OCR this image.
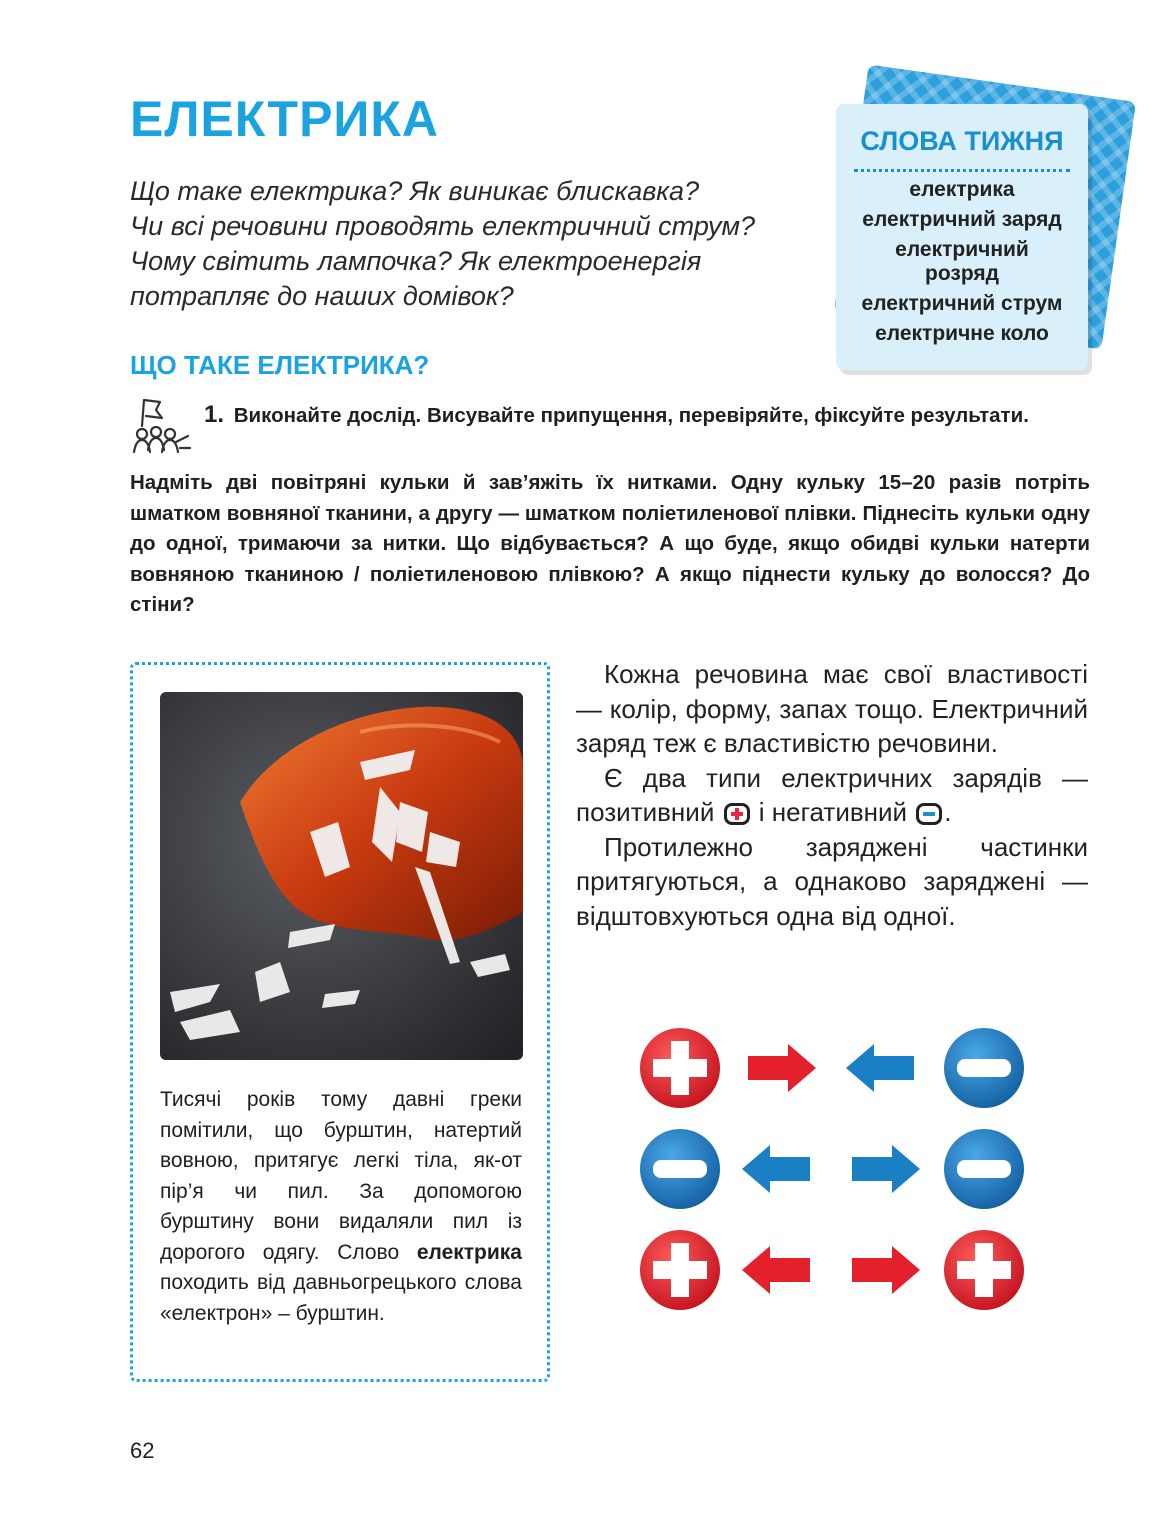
ЕЛЕКТРИКА
Що таке електрика? Як виникає блискавка?
Чи всі речовини проводять електричний струм?
Чому світить лампочка? Як електроенергія
потрапляє до наших домівок?
СЛОВА ТИЖНЯ
електрика
електричний заряд
електричний розряд
електричний струм
електричне коло
ЩО ТАКЕ ЕЛЕКТРИКА?
1. Виконайте дослід. Висувайте припущення, перевіряйте, фіксуйте результати.

Надміть дві повітряні кульки й зав’яжіть їх нитками. Одну кульку 15–20 разів потріть шматком вовняної тканини, а другу — шматком поліетиленової плівки. Піднесіть кульки одну до одної, тримаючи за нитки. Що відбувається? А що буде, якщо обидві кульки натерти вовняною тканиною / поліетиленовою плівкою? А якщо піднести кульку до волосся? До стіни?

Тисячі років тому давні греки помітили, що бурштин, натертий вовною, притягує легкі тіла, як-от пір’я чи пил. За допомогою бурштину вони видаляли пил із дорогого одягу. Слово електрика походить від давньогрецького слова «електрон» – бурштин.

Кожна речовина має свої властивості — колір, форму, запах тощо. Електричний заряд теж є властивістю речовини.

Є два типи електричних зарядів — позитивний  і негативний .

Протилежно заряджені частинки притягуються, а однаково заряджені — відштовхуються одна від одної.

62
